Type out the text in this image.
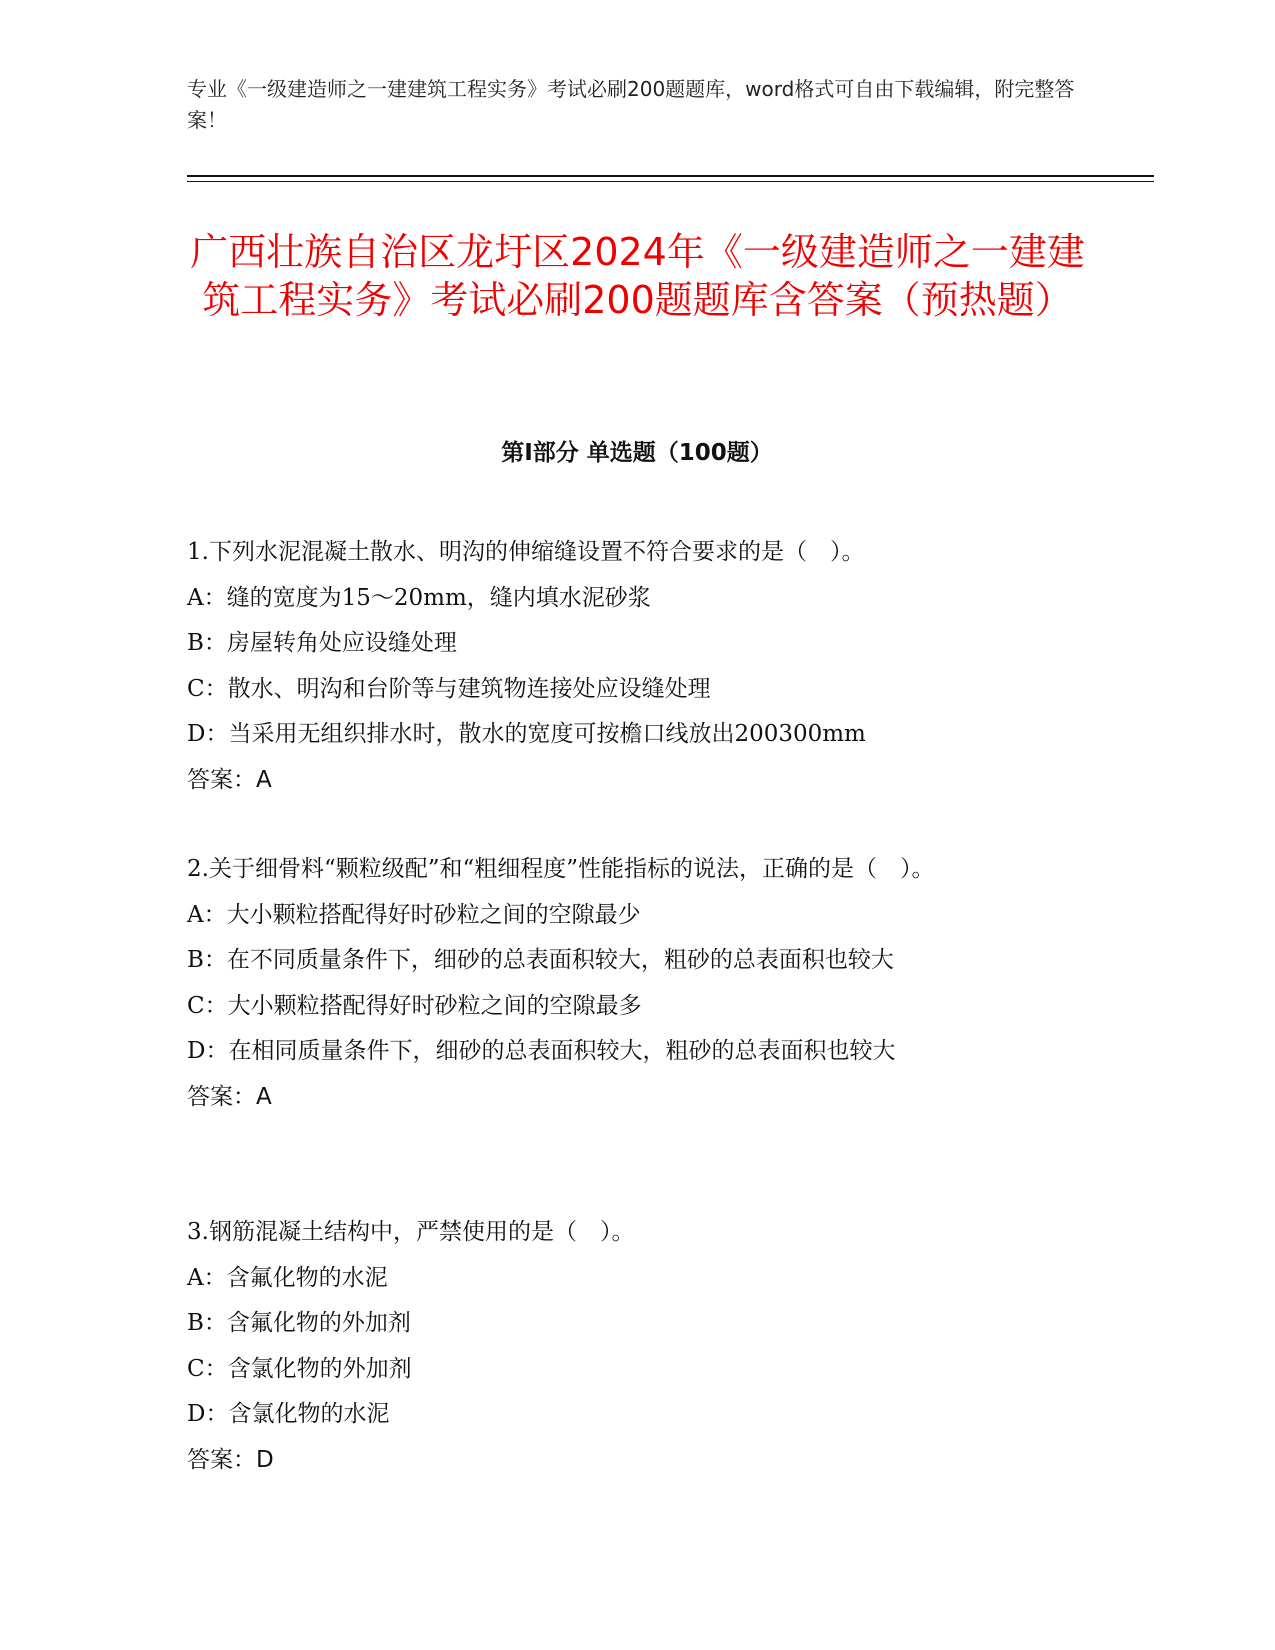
专业《一级建造师之一建建筑工程实务》考试必刷200题题库，word格式可自由下载编辑，附完整答案！
广西壮族自治区龙圩区2024年《一级建造师之一建建筑工程实务》考试必刷200题题库含答案（预热题）
第I部分 单选题（100题）
1.下列水泥混凝土散水、明沟的伸缩缝设置不符合要求的是（　）。
A：缝的宽度为15～20mm，缝内填水泥砂浆
B：房屋转角处应设缝处理
C：散水、明沟和台阶等与建筑物连接处应设缝处理
D：当采用无组织排水时，散水的宽度可按檐口线放出200300mm
答案：A
2.关于细骨料“颗粒级配”和“粗细程度”性能指标的说法，正确的是（　）。
A：大小颗粒搭配得好时砂粒之间的空隙最少
B：在不同质量条件下，细砂的总表面积较大，粗砂的总表面积也较大
C：大小颗粒搭配得好时砂粒之间的空隙最多
D：在相同质量条件下，细砂的总表面积较大，粗砂的总表面积也较大
答案：A
3.钢筋混凝土结构中，严禁使用的是（　）。
A：含氟化物的水泥
B：含氟化物的外加剂
C：含氯化物的外加剂
D：含氯化物的水泥
答案：D
